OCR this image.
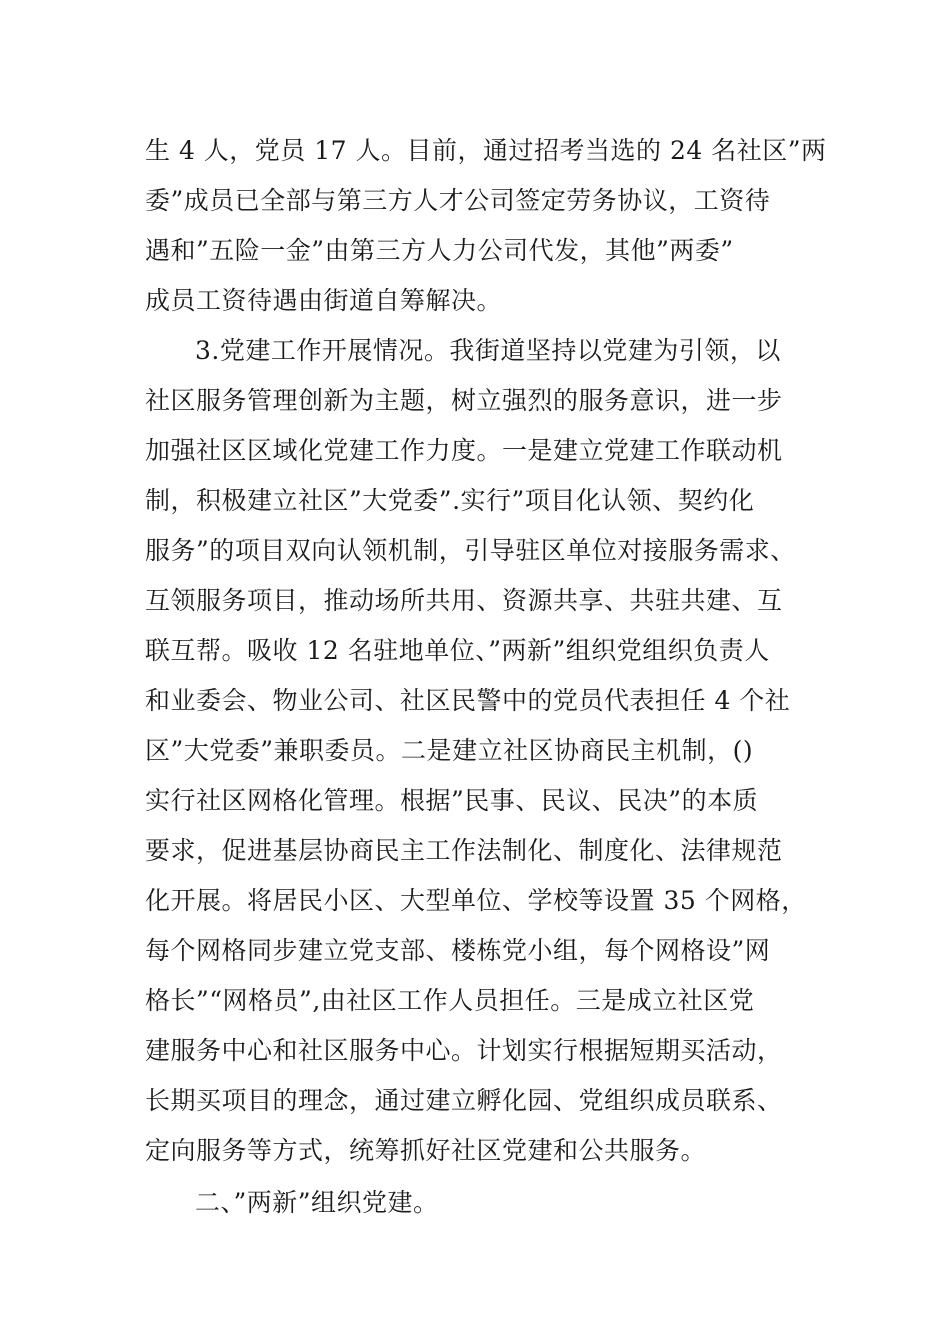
生 4 人，党员 17 人。目前，通过招考当选的 24 名社区”两
委”成员已全部与第三方人才公司签定劳务协议，工资待
遇和”五险一金”由第三方人力公司代发，其他”两委”
成员工资待遇由街道自筹解决。
3.党建工作开展情况。我街道坚持以党建为引领，以
社区服务管理创新为主题，树立强烈的服务意识，进一步
加强社区区域化党建工作力度。一是建立党建工作联动机
制，积极建立社区”大党委”.实行”项目化认领、契约化
服务”的项目双向认领机制，引导驻区单位对接服务需求、
互领服务项目，推动场所共用、资源共享、共驻共建、互
联互帮。吸收 12 名驻地单位、”两新”组织党组织负责人
和业委会、物业公司、社区民警中的党员代表担任 4 个社
区”大党委”兼职委员。二是建立社区协商民主机制，()
实行社区网格化管理。根据”民事、民议、民决”的本质
要求，促进基层协商民主工作法制化、制度化、法律规范
化开展。将居民小区、大型单位、学校等设置 35 个网格，
每个网格同步建立党支部、楼栋党小组，每个网格设”网
格长”“网格员”,由社区工作人员担任。三是成立社区党
建服务中心和社区服务中心。计划实行根据短期买活动，
长期买项目的理念，通过建立孵化园、党组织成员联系、
定向服务等方式，统筹抓好社区党建和公共服务。
二、”两新”组织党建。
